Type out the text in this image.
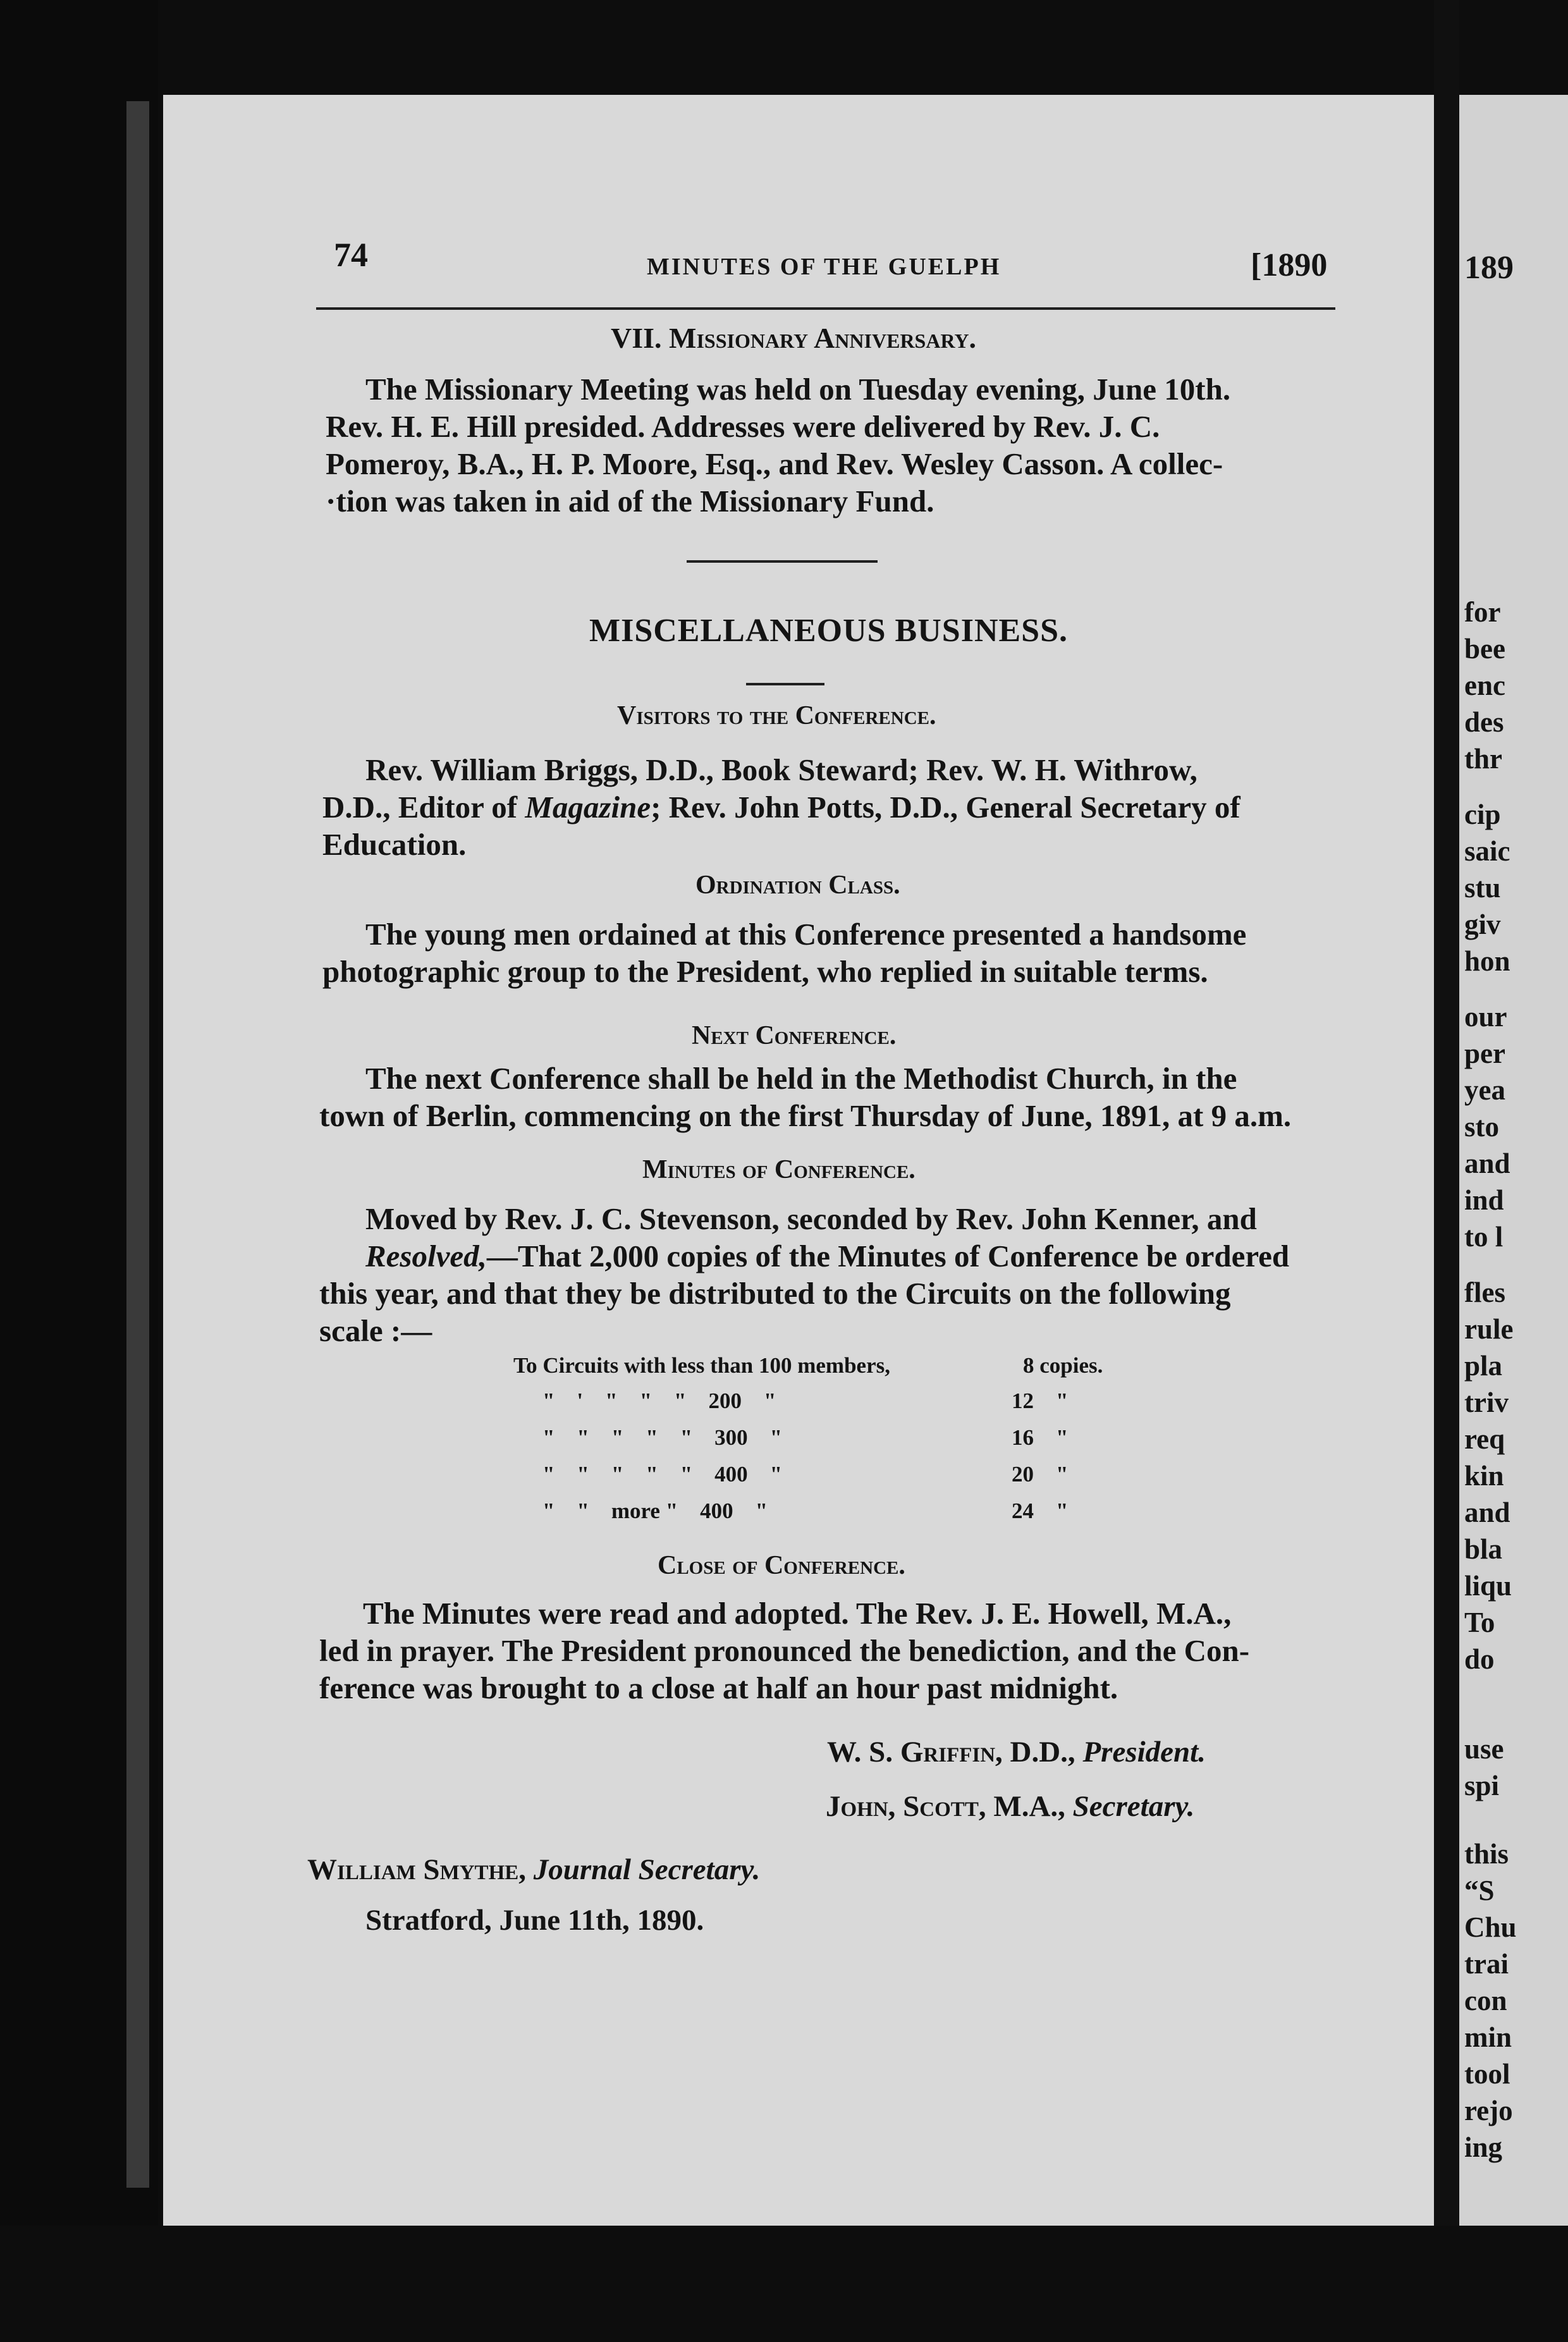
74	MINUTES OF THE GUELPH	[1890
VII. Missionary Anniversary.
The Missionary Meeting was held on Tuesday evening, June 10th.
Rev. H. E. Hill presided. Addresses were delivered by Rev. J. C.
Pomeroy, B.A., H. P. Moore, Esq., and Rev. Wesley Casson. A collec-
·tion was taken in aid of the Missionary Fund.
MISCELLANEOUS BUSINESS.
Visitors to the Conference.
Rev. William Briggs, D.D., Book Steward; Rev. W. H. Withrow,
D.D., Editor of Magazine; Rev. John Potts, D.D., General Secretary of
Education.
Ordination Class.
The young men ordained at this Conference presented a handsome
photographic group to the President, who replied in suitable terms.
Next Conference.
The next Conference shall be held in the Methodist Church, in the
town of Berlin, commencing on the first Thursday of June, 1891, at 9 a.m.
Minutes of Conference.
Moved by Rev. J. C. Stevenson, seconded by Rev. John Kenner, and
Resolved,—That 2,000 copies of the Minutes of Conference be ordered
this year, and that they be distributed to the Circuits on the following
scale :—
To Circuits with less than 100 members,	8 copies.
"    '    "    "    "    200    "	12    "
"    "    "    "    "    300    "	16    "
"    "    "    "    "    400    "	20    "
"    "    more "    400    "	24    "
Close of Conference.
The Minutes were read and adopted. The Rev. J. E. Howell, M.A.,
led in prayer. The President pronounced the benediction, and the Con-
ference was brought to a close at half an hour past midnight.
W. S. Griffin, D.D., President.
John, Scott, M.A., Secretary.
William Smythe, Journal Secretary.
Stratford, June 11th, 1890.
189
for
bee
enc
des
thr
cip
saic
stu
giv
hon
our
per
yea
sto
and
ind
to l
fles
rule
pla
triv
req
kin
and
bla
liqu
To
do
use
spi
this
“S
Chu
trai
con
min
tool
rejo
ing
